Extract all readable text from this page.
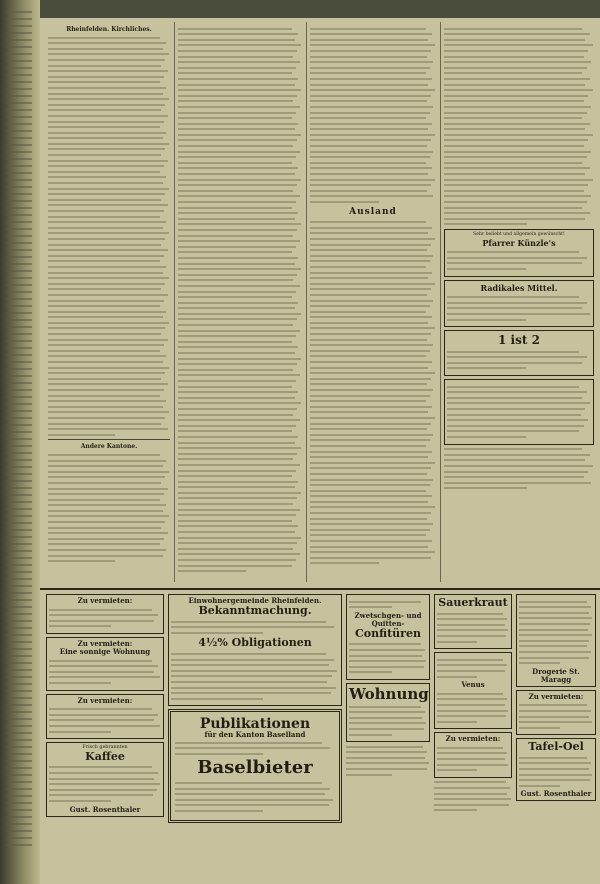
Rheinfelden. Kirchliches.
Andere Kantone.
Ausland
Sehr beliebt und allgemein gewünscht!
Pfarrer Künzle's
Radikales Mittel.
1 ist 2
Zu vermieten:
Zu vermieten:
Eine sonnige Wohnung
Zu vermieten:
Frisch gebrannten
Kaffee
Gust. Rosenthaler
Einwohnergemeinde Rheinfelden.
Bekanntmachung.
4½% Obligationen
Publikationen
für den Kanton Baselland
Baselbieter
Zwetschgen- und Quitten-
Confitüren
Wohnung
Sauerkraut
Venus
Zu vermieten:
Drogerie St. Maragg
Zu vermieten:
Tafel-Oel
Gust. Rosenthaler
